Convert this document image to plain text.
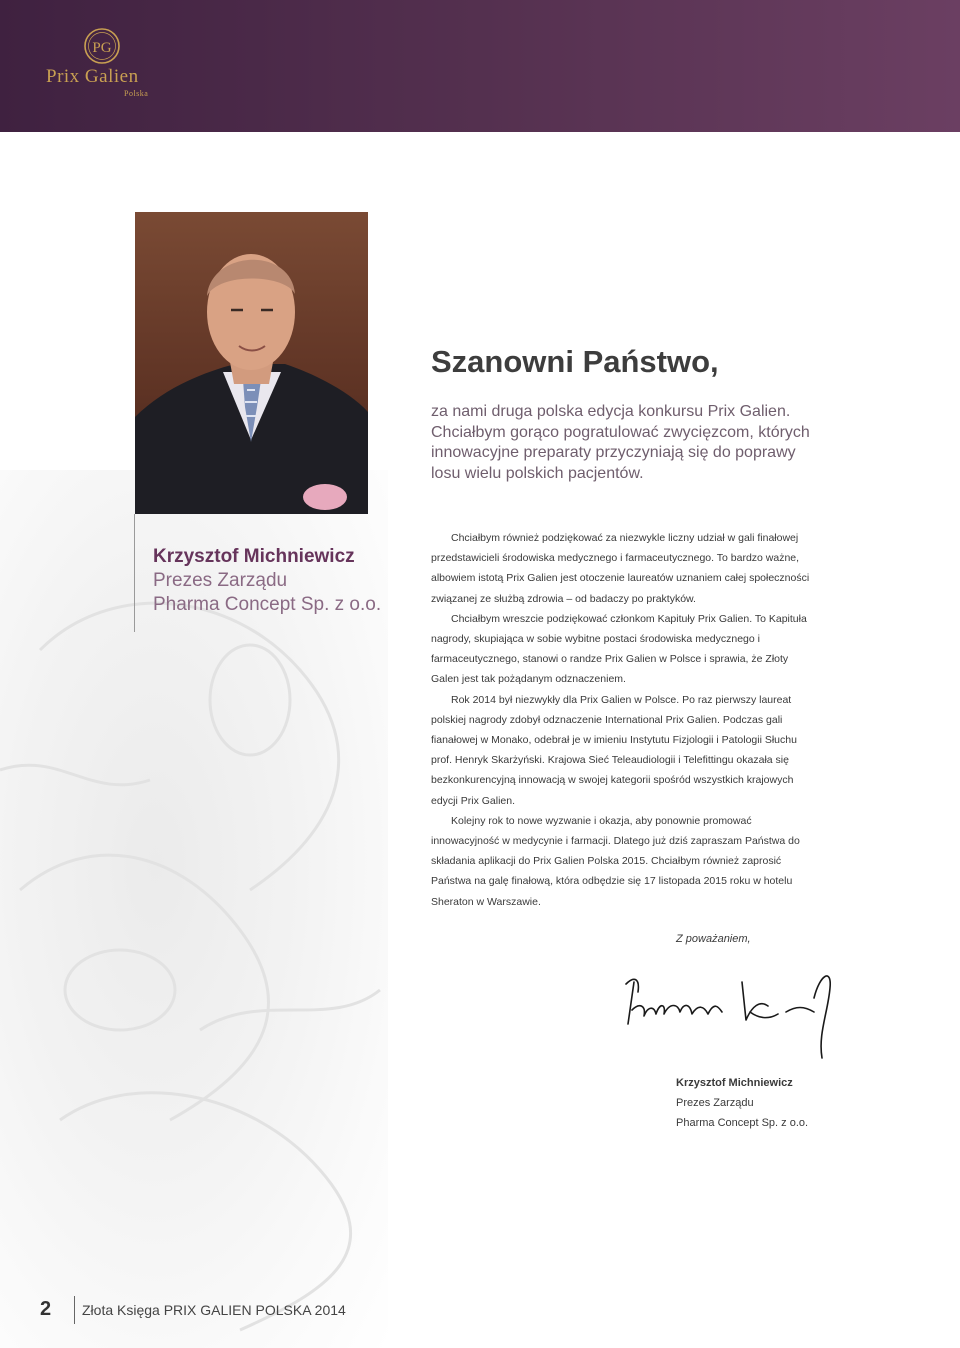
PG
Prix Galien
Polska
Krzysztof Michniewicz
Prezes Zarządu
Pharma Concept Sp. z o.o.
Szanowni Państwo,

za nami druga polska edycja konkursu Prix Galien. Chciałbym gorąco pogratulować zwycięzcom, których innowacyjne preparaty przyczyniają się do poprawy losu wielu polskich pacjentów.

Chciałbym również podziękować za niezwykle liczny udział w gali finałowej przedstawicieli środowiska medycznego i farmaceutycznego. To bardzo ważne, albowiem istotą Prix Galien jest otoczenie laureatów uznaniem całej społeczności związanej ze służbą zdrowia – od badaczy po praktyków.

Chciałbym wreszcie podziękować członkom Kapituły Prix Galien. To Kapituła nagrody, skupiająca w sobie wybitne postaci środowiska medycznego i farmaceutycznego, stanowi o randze Prix Galien w Polsce i sprawia, że Złoty Galen jest tak pożądanym odznaczeniem.

Rok 2014 był niezwykły dla Prix Galien w Polsce. Po raz pierwszy laureat polskiej nagrody zdobył odznaczenie International Prix Galien. Podczas gali fianałowej w Monako, odebrał je w imieniu Instytutu Fizjologii i Patologii Słuchu prof. Henryk Skarżyński. Krajowa Sieć Teleaudiologii i Telefittingu okazała się bezkonkurencyjną innowacją w swojej kategorii spośród wszystkich krajowych edycji Prix Galien.

Kolejny rok to nowe wyzwanie i okazja, aby ponownie promować innowacyjność w medycynie i farmacji. Dlatego już dziś zapraszam Państwa do składania aplikacji do Prix Galien Polska 2015. Chciałbym również zaprosić Państwa na galę finałową, która odbędzie się 17 listopada 2015 roku w hotelu Sheraton w Warszawie.

Z poważaniem,
Krzysztof Michniewicz
Prezes Zarządu
Pharma Concept Sp. z o.o.
2 Złota Księga PRIX GALIEN POLSKA 2014
